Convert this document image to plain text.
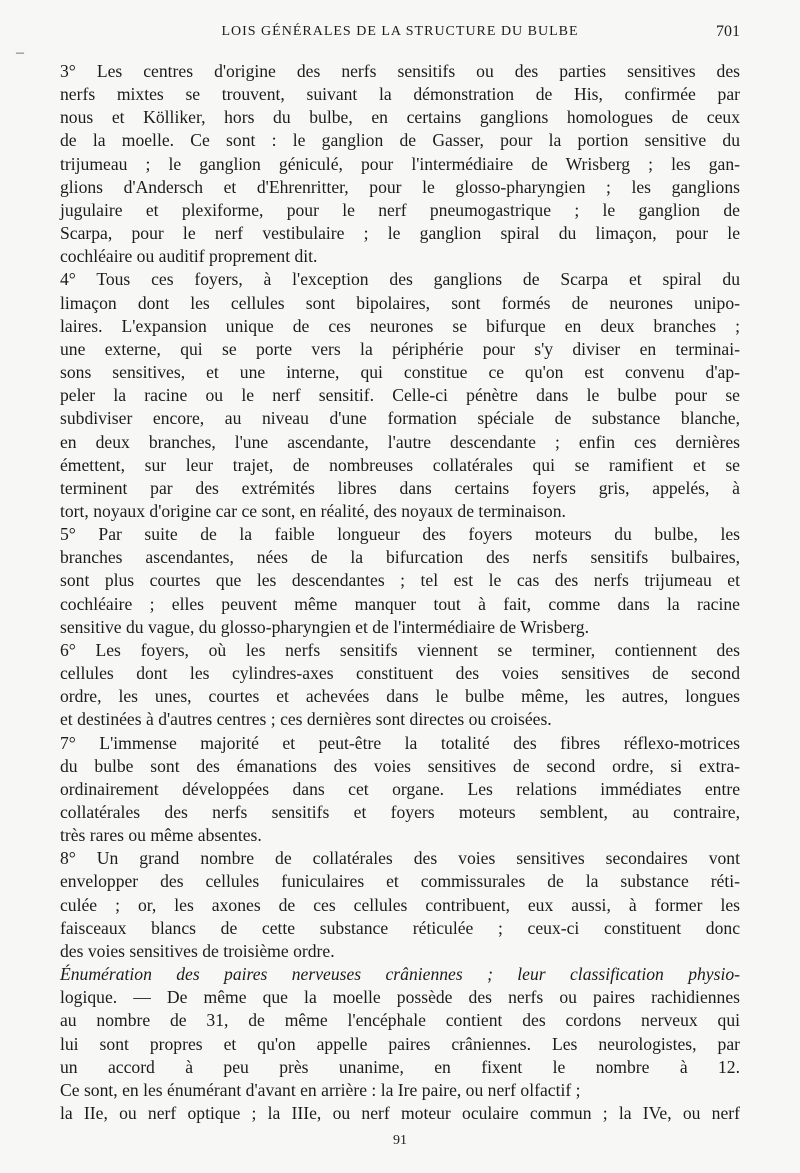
–
LOIS GÉNÉRALES DE LA STRUCTURE DU BULBE	701
3° Les centres d'origine des nerfs sensitifs ou des parties sensitives des
nerfs mixtes se trouvent, suivant la démonstration de His, confirmée par
nous et Kölliker, hors du bulbe, en certains ganglions homologues de ceux
de la moelle. Ce sont : le ganglion de Gasser, pour la portion sensitive du
trijumeau ; le ganglion géniculé, pour l'intermédiaire de Wrisberg ; les gan-
glions d'Andersch et d'Ehrenritter, pour le glosso-pharyngien ; les ganglions
jugulaire et plexiforme, pour le nerf pneumogastrique ; le ganglion de
Scarpa, pour le nerf vestibulaire ; le ganglion spiral du limaçon, pour le
cochléaire ou auditif proprement dit.
4° Tous ces foyers, à l'exception des ganglions de Scarpa et spiral du
limaçon dont les cellules sont bipolaires, sont formés de neurones unipo-
laires. L'expansion unique de ces neurones se bifurque en deux branches ;
une externe, qui se porte vers la périphérie pour s'y diviser en terminai-
sons sensitives, et une interne, qui constitue ce qu'on est convenu d'ap-
peler la racine ou le nerf sensitif. Celle-ci pénètre dans le bulbe pour se
subdiviser encore, au niveau d'une formation spéciale de substance blanche,
en deux branches, l'une ascendante, l'autre descendante ; enfin ces dernières
émettent, sur leur trajet, de nombreuses collatérales qui se ramifient et se
terminent par des extrémités libres dans certains foyers gris, appelés, à
tort, noyaux d'origine car ce sont, en réalité, des noyaux de terminaison.
5° Par suite de la faible longueur des foyers moteurs du bulbe, les
branches ascendantes, nées de la bifurcation des nerfs sensitifs bulbaires,
sont plus courtes que les descendantes ; tel est le cas des nerfs trijumeau et
cochléaire ; elles peuvent même manquer tout à fait, comme dans la racine
sensitive du vague, du glosso-pharyngien et de l'intermédiaire de Wrisberg.
6° Les foyers, où les nerfs sensitifs viennent se terminer, contiennent des
cellules dont les cylindres-axes constituent des voies sensitives de second
ordre, les unes, courtes et achevées dans le bulbe même, les autres, longues
et destinées à d'autres centres ; ces dernières sont directes ou croisées.
7° L'immense majorité et peut-être la totalité des fibres réflexo-motrices
du bulbe sont des émanations des voies sensitives de second ordre, si extra-
ordinairement développées dans cet organe. Les relations immédiates entre
collatérales des nerfs sensitifs et foyers moteurs semblent, au contraire,
très rares ou même absentes.
8° Un grand nombre de collatérales des voies sensitives secondaires vont
envelopper des cellules funiculaires et commissurales de la substance réti-
culée ; or, les axones de ces cellules contribuent, eux aussi, à former les
faisceaux blancs de cette substance réticulée ; ceux-ci constituent donc
des voies sensitives de troisième ordre.
Énumération des paires nerveuses crâniennes ; leur classification physio-
logique. — De même que la moelle possède des nerfs ou paires rachidiennes
au nombre de 31, de même l'encéphale contient des cordons nerveux qui
lui sont propres et qu'on appelle paires crâniennes. Les neurologistes, par
un accord à peu près unanime, en fixent le nombre à 12.
Ce sont, en les énumérant d'avant en arrière : la Ire paire, ou nerf olfactif ;
la IIe, ou nerf optique ; la IIIe, ou nerf moteur oculaire commun ; la IVe, ou nerf
91
